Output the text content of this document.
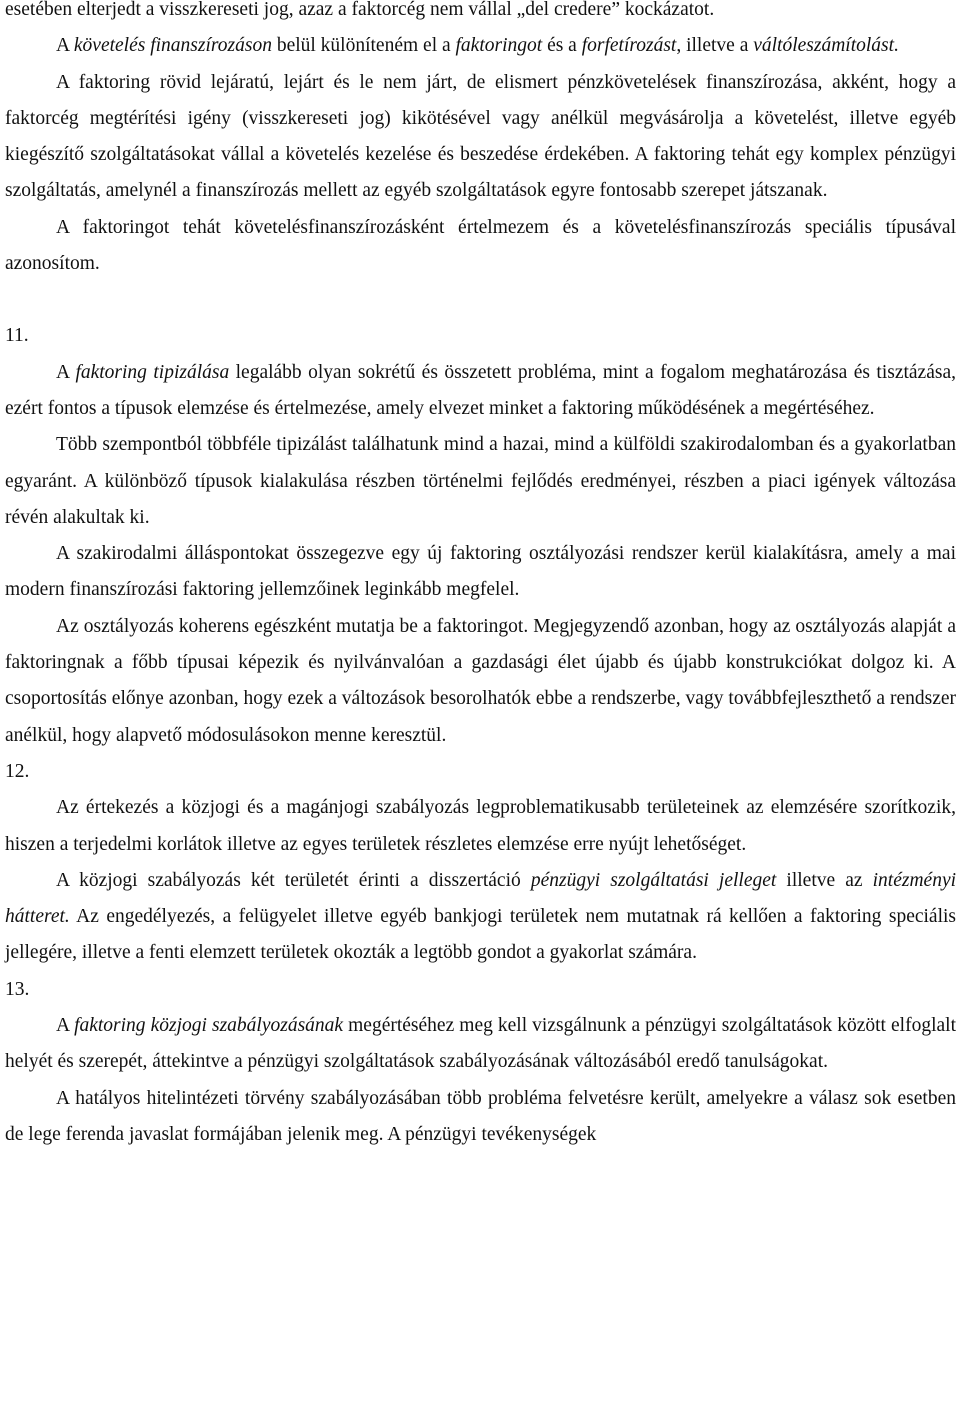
esetében elterjedt a visszkereseti jog, azaz a faktorcég nem vállal „del credere” kockázatot.

A követelés finanszírozáson belül különíteném el a faktoringot és a forfetírozást, illetve a váltóleszámítolást.

A faktoring rövid lejáratú, lejárt és le nem járt, de elismert pénzkövetelések finanszírozása, akként, hogy a faktorcég megtérítési igény (visszkereseti jog) kikötésével vagy anélkül megvásárolja a követelést, illetve egyéb kiegészítő szolgáltatásokat vállal a követelés kezelése és beszedése érdekében. A faktoring tehát egy komplex pénzügyi szolgáltatás, amelynél a finanszírozás mellett az egyéb szolgáltatások egyre fontosabb szerepet játszanak.

A faktoringot tehát követelésfinanszírozásként értelmezem és a követelésfinanszírozás speciális típusával azonosítom.

11.

A faktoring tipizálása legalább olyan sokrétű és összetett probléma, mint a fogalom meghatározása és tisztázása, ezért fontos a típusok elemzése és értelmezése, amely elvezet minket a faktoring működésének a megértéséhez.

Több szempontból többféle tipizálást találhatunk mind a hazai, mind a külföldi szakirodalomban és a gyakorlatban egyaránt. A különböző típusok kialakulása részben történelmi fejlődés eredményei, részben a piaci igények változása révén alakultak ki.

A szakirodalmi álláspontokat összegezve egy új faktoring osztályozási rendszer kerül kialakításra, amely a mai modern finanszírozási faktoring jellemzőinek leginkább megfelel.

Az osztályozás koherens egészként mutatja be a faktoringot. Megjegyzendő azonban, hogy az osztályozás alapját a faktoringnak a főbb típusai képezik és nyilvánvalóan a gazdasági élet újabb és újabb konstrukciókat dolgoz ki. A csoportosítás előnye azonban, hogy ezek a változások besorolhatók ebbe a rendszerbe, vagy továbbfejleszthető a rendszer anélkül, hogy alapvető módosulásokon menne keresztül.

12.

Az értekezés a közjogi és a magánjogi szabályozás legproblematikusabb területeinek az elemzésére szorítkozik, hiszen a terjedelmi korlátok illetve az egyes területek részletes elemzése erre nyújt lehetőséget.

A közjogi szabályozás két területét érinti a disszertáció pénzügyi szolgáltatási jelleget illetve az intézményi hátteret. Az engedélyezés, a felügyelet illetve egyéb bankjogi területek nem mutatnak rá kellően a faktoring speciális jellegére, illetve a fenti elemzett területek okozták a legtöbb gondot a gyakorlat számára.

13.

A faktoring közjogi szabályozásának megértéséhez meg kell vizsgálnunk a pénzügyi szolgáltatások között elfoglalt helyét és szerepét, áttekintve a pénzügyi szolgáltatások szabályozásának változásából eredő tanulságokat.

A hatályos hitelintézeti törvény szabályozásában több probléma felvetésre került, amelyekre a válasz sok esetben de lege ferenda javaslat formájában jelenik meg. A pénzügyi tevékenységek
